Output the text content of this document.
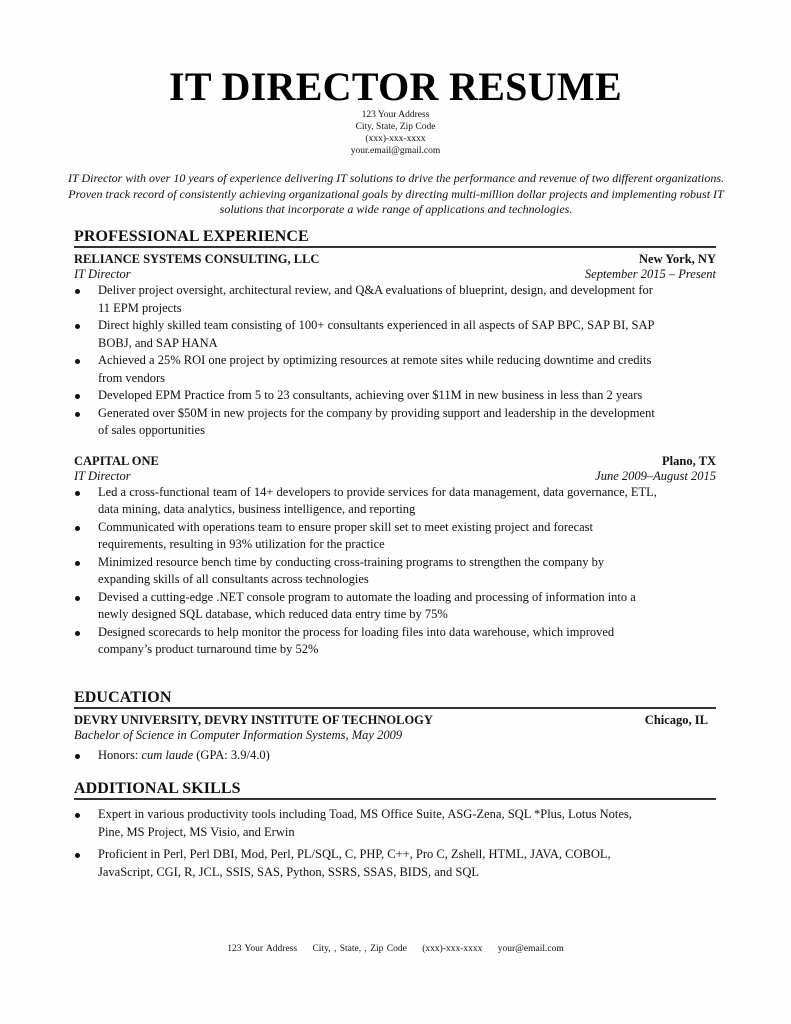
IT DIRECTOR RESUME
123 Your Address
City, State, Zip Code
(xxx)-xxx-xxxx
your.email@gmail.com
IT Director with over 10 years of experience delivering IT solutions to drive the performance and revenue of two different organizations. Proven track record of consistently achieving organizational goals by directing multi-million dollar projects and implementing robust IT solutions that incorporate a wide range of applications and technologies.
PROFESSIONAL EXPERIENCE
RELIANCE SYSTEMS CONSULTING, LLC	New York, NY
IT Director	September 2015 – Present
Deliver project oversight, architectural review, and Q&A evaluations of blueprint, design, and development for 11 EPM projects
Direct highly skilled team consisting of 100+ consultants experienced in all aspects of SAP BPC, SAP BI, SAP BOBJ, and SAP HANA
Achieved a 25% ROI one project by optimizing resources at remote sites while reducing downtime and credits from vendors
Developed EPM Practice from 5 to 23 consultants, achieving over $11M in new business in less than 2 years
Generated over $50M in new projects for the company by providing support and leadership in the development of sales opportunities
CAPITAL ONE	Plano, TX
IT Director	June 2009–August 2015
Led a cross-functional team of 14+ developers to provide services for data management, data governance, ETL, data mining, data analytics, business intelligence, and reporting
Communicated with operations team to ensure proper skill set to meet existing project and forecast requirements, resulting in 93% utilization for the practice
Minimized resource bench time by conducting cross-training programs to strengthen the company by expanding skills of all consultants across technologies
Devised a cutting-edge .NET console program to automate the loading and processing of information into a newly designed SQL database, which reduced data entry time by 75%
Designed scorecards to help monitor the process for loading files into data warehouse, which improved company’s product turnaround time by 52%
EDUCATION
DEVRY UNIVERSITY, DEVRY INSTITUTE OF TECHNOLOGY	Chicago, IL
Bachelor of Science in Computer Information Systems, May 2009
Honors: cum laude (GPA: 3.9/4.0)
ADDITIONAL SKILLS
Expert in various productivity tools including Toad, MS Office Suite, ASG-Zena, SQL *Plus, Lotus Notes, Pine, MS Project, MS Visio, and Erwin
Proficient in Perl, Perl DBI, Mod, Perl, PL/SQL, C, PHP, C++, Pro C, Zshell, HTML, JAVA, COBOL, JavaScript, CGI, R, JCL, SSIS, SAS, Python, SSRS, SSAS, BIDS, and SQL
123 Your Address City, , State, , Zip Code (xxx)-xxx-xxxx your@email.com
